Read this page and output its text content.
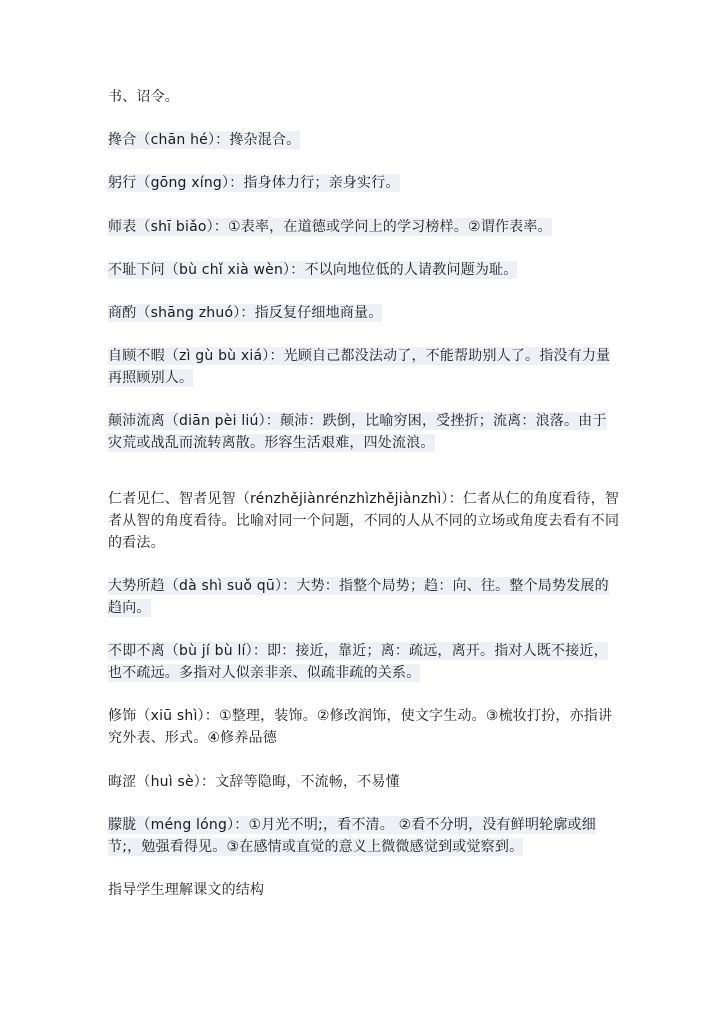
书、诏令。

搀合（chān hé）：搀杂混合。

躬行（gōng xíng）：指身体力行；亲身实行。

师表（shī biǎo）：①表率，在道德或学问上的学习榜样。②谓作表率。

不耻下问（bù chǐ xià wèn）：不以向地位低的人请教问题为耻。

商酌（shāng zhuó）：指反复仔细地商量。

自顾不暇（zì gù bù xiá）：光顾自己都没法动了，不能帮助别人了。指没有力量再照顾别人。

颠沛流离（diān pèi liú）：颠沛：跌倒，比喻穷困，受挫折；流离：浪落。由于灾荒或战乱而流转离散。形容生活艰难，四处流浪。

仁者见仁、智者见智（rénzhějiànrénzhìzhějiànzhì）：仁者从仁的角度看待，智者从智的角度看待。比喻对同一个问题，不同的人从不同的立场或角度去看有不同的看法。

大势所趋（dà shì suǒ qū）：大势：指整个局势；趋：向、往。整个局势发展的趋向。

不即不离（bù jí bù lí）：即：接近，靠近；离：疏远，离开。指对人既不接近，也不疏远。多指对人似亲非亲、似疏非疏的关系。

修饰（xiū shì）：①整理，装饰。②修改润饰，使文字生动。③梳妆打扮，亦指讲究外表、形式。④修养品德

晦涩（huì sè）：文辞等隐晦，不流畅，不易懂

朦胧（méng lóng）：①月光不明;，看不清。 ②看不分明，没有鲜明轮廓或细节;，勉强看得见。③在感情或直觉的意义上微微感觉到或觉察到。

指导学生理解课文的结构
